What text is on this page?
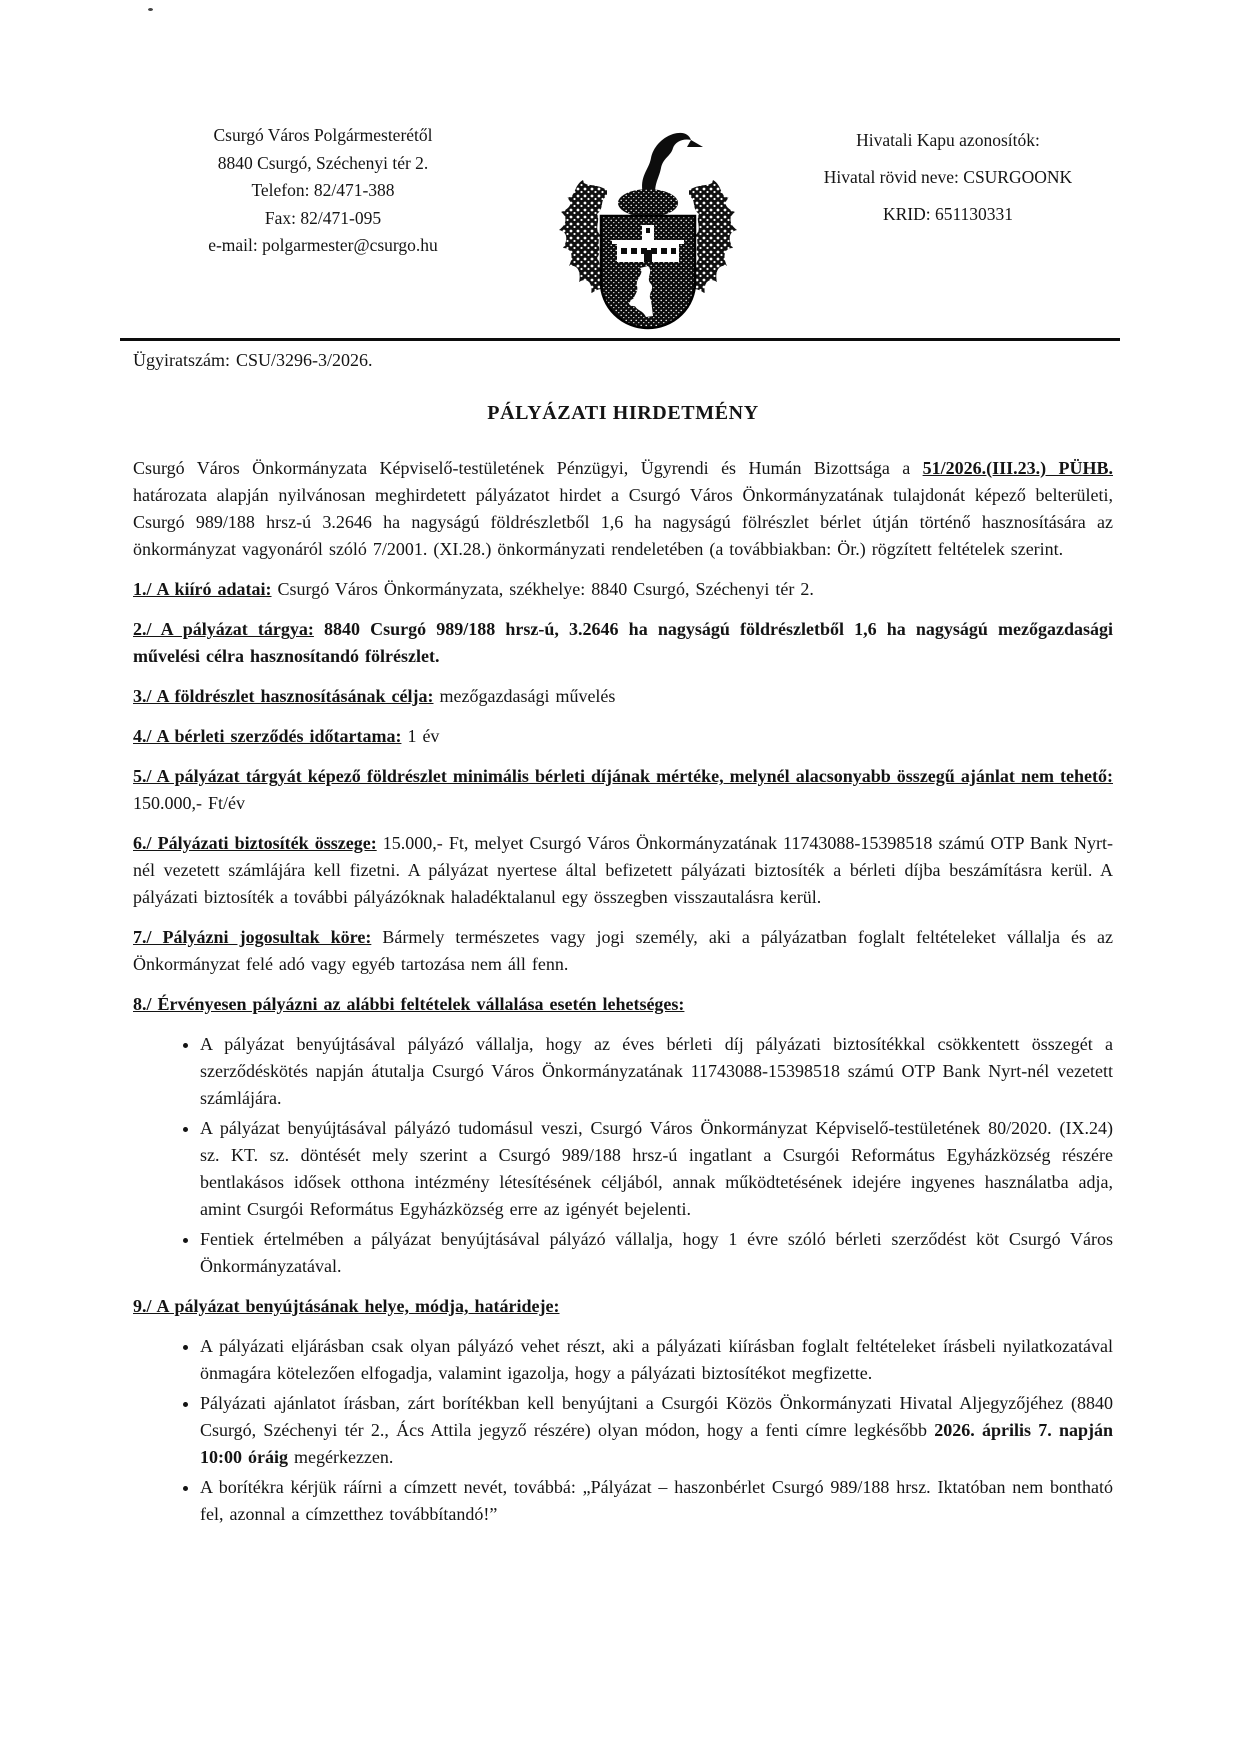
Csurgó Város Polgármesterétől
8840 Csurgó, Széchenyi tér 2.
Telefon: 82/471-388
Fax: 82/471-095
e-mail: polgarmester@csurgo.hu
Hivatali Kapu azonosítók:
Hivatal rövid neve: CSURGOONK
KRID: 651130331
Ügyiratszám: CSU/3296-3/2026.
PÁLYÁZATI HIRDETMÉNY

Csurgó Város Önkormányzata Képviselő-testületének Pénzügyi, Ügyrendi és Humán Bizottsága a 51/2026.(III.23.) PÜHB. határozata alapján nyilvánosan meghirdetett pályázatot hirdet a Csurgó Város Önkormányzatának tulajdonát képező belterületi, Csurgó 989/188 hrsz-ú 3.2646 ha nagyságú földrészletből 1,6 ha nagyságú fölrészlet bérlet útján történő hasznosítására az önkormányzat vagyonáról szóló 7/2001. (XI.28.) önkormányzati rendeletében (a továbbiakban: Ör.) rögzített feltételek szerint.

1./ A kiíró adatai: Csurgó Város Önkormányzata, székhelye: 8840 Csurgó, Széchenyi tér 2.

2./ A pályázat tárgya: 8840 Csurgó 989/188 hrsz-ú, 3.2646 ha nagyságú földrészletből 1,6 ha nagyságú mezőgazdasági művelési célra hasznosítandó fölrészlet.

3./ A földrészlet hasznosításának célja: mezőgazdasági művelés

4./ A bérleti szerződés időtartama: 1 év

5./ A pályázat tárgyát képező földrészlet minimális bérleti díjának mértéke, melynél alacsonyabb összegű ajánlat nem tehető: 150.000,- Ft/év

6./ Pályázati biztosíték összege: 15.000,- Ft, melyet Csurgó Város Önkormányzatának 11743088-15398518 számú OTP Bank Nyrt-nél vezetett számlájára kell fizetni. A pályázat nyertese által befizetett pályázati biztosíték a bérleti díjba beszámításra kerül. A pályázati biztosíték a további pályázóknak haladéktalanul egy összegben visszautalásra kerül.

7./ Pályázni jogosultak köre: Bármely természetes vagy jogi személy, aki a pályázatban foglalt feltételeket vállalja és az Önkormányzat felé adó vagy egyéb tartozása nem áll fenn.

8./ Érvényesen pályázni az alábbi feltételek vállalása esetén lehetséges:

• A pályázat benyújtásával pályázó vállalja, hogy az éves bérleti díj pályázati biztosítékkal csökkentett összegét a szerződéskötés napján átutalja Csurgó Város Önkormányzatának 11743088-15398518 számú OTP Bank Nyrt-nél vezetett számlájára.
• A pályázat benyújtásával pályázó tudomásul veszi, Csurgó Város Önkormányzat Képviselő-testületének 80/2020. (IX.24) sz. KT. sz. döntését mely szerint a Csurgó 989/188 hrsz-ú ingatlant a Csurgói Református Egyházközség részére bentlakásos idősek otthona intézmény létesítésének céljából, annak működtetésének idejére ingyenes használatba adja, amint Csurgói Református Egyházközség erre az igényét bejelenti.
• Fentiek értelmében a pályázat benyújtásával pályázó vállalja, hogy 1 évre szóló bérleti szerződést köt Csurgó Város Önkormányzatával.

9./ A pályázat benyújtásának helye, módja, határideje:

• A pályázati eljárásban csak olyan pályázó vehet részt, aki a pályázati kiírásban foglalt feltételeket írásbeli nyilatkozatával önmagára kötelezően elfogadja, valamint igazolja, hogy a pályázati biztosítékot megfizette.
• Pályázati ajánlatot írásban, zárt borítékban kell benyújtani a Csurgói Közös Önkormányzati Hivatal Aljegyzőjéhez (8840 Csurgó, Széchenyi tér 2., Ács Attila jegyző részére) olyan módon, hogy a fenti címre legkésőbb 2026. április 7. napján 10:00 óráig megérkezzen.
• A borítékra kérjük ráírni a címzett nevét, továbbá: „Pályázat – haszonbérlet Csurgó 989/188 hrsz. Iktatóban nem bontható fel, azonnal a címzetthez továbbítandó!”
